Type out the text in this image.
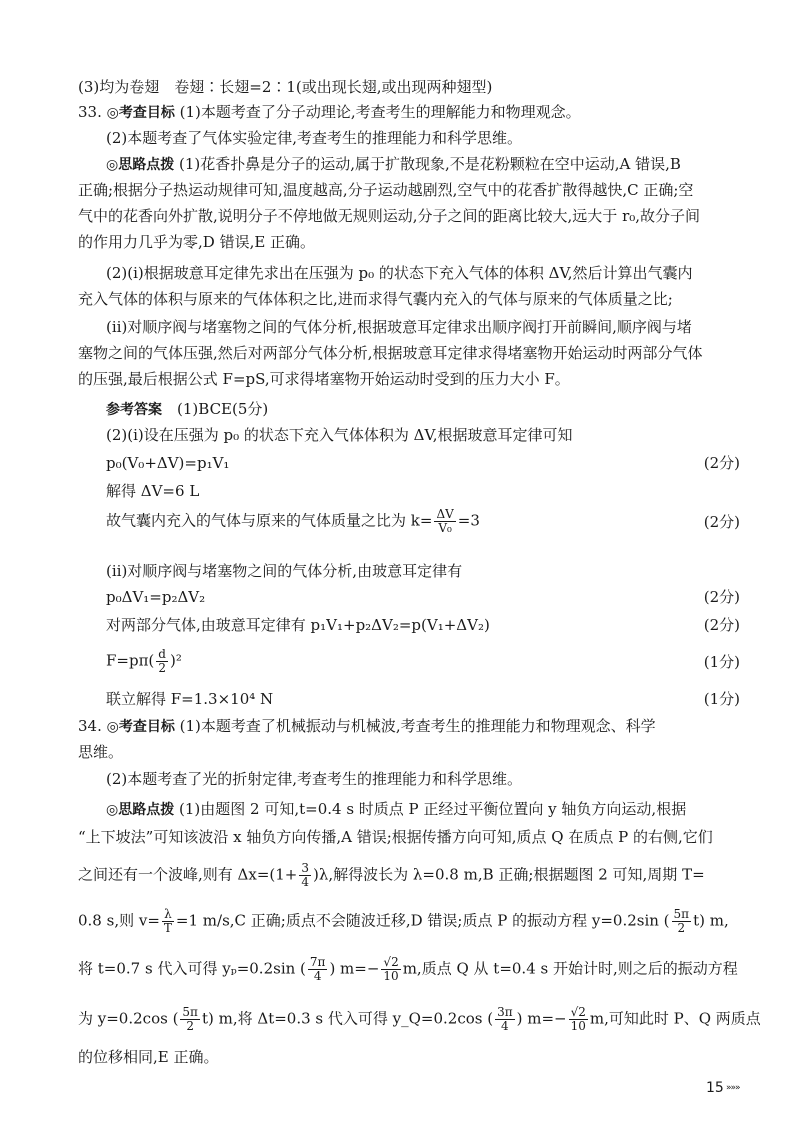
(3)均为卷翅　卷翅∶长翅=2∶1(或出现长翅,或出现两种翅型)
33. ◎考查目标 (1)本题考查了分子动理论,考查考生的理解能力和物理观念。
(2)本题考查了气体实验定律,考查考生的推理能力和科学思维。
◎思路点拨 (1)花香扑鼻是分子的运动,属于扩散现象,不是花粉颗粒在空中运动,A 错误,B
正确;根据分子热运动规律可知,温度越高,分子运动越剧烈,空气中的花香扩散得越快,C 正确;空
气中的花香向外扩散,说明分子不停地做无规则运动,分子之间的距离比较大,远大于 r₀,故分子间
的作用力几乎为零,D 错误,E 正确。
(2)(ⅰ)根据玻意耳定律先求出在压强为 p₀ 的状态下充入气体的体积 ΔV,然后计算出气囊内
充入气体的体积与原来的气体体积之比,进而求得气囊内充入的气体与原来的气体质量之比;
(ⅱ)对顺序阀与堵塞物之间的气体分析,根据玻意耳定律求出顺序阀打开前瞬间,顺序阀与堵
塞物之间的气体压强,然后对两部分气体分析,根据玻意耳定律求得堵塞物开始运动时两部分气体
的压强,最后根据公式 F=pS,可求得堵塞物开始运动时受到的压力大小 F。
参考答案　 (1)BCE(5分)
(2)(ⅰ)设在压强为 p₀ 的状态下充入气体体积为 ΔV,根据玻意耳定律可知
p₀(V₀+ΔV)=p₁V₁	(2分)
解得 ΔV=6 L
故气囊内充入的气体与原来的气体质量之比为 $k= \frac{\Delta V}{\text{V₀}} =3$	(2分)
(ⅱ)对顺序阀与堵塞物之间的气体分析,由玻意耳定律有
p₀ΔV₁=p₂ΔV₂	(2分)
对两部分气体,由玻意耳定律有 p₁V₁+p₂ΔV₂=p(V₁+ΔV₂)	(2分)
$F=p\pi( \frac{d}{2} )^2$	(1分)
联立解得 F=1.3×10⁴ N	(1分)
34. ◎考查目标 (1)本题考查了机械振动与机械波,考查考生的推理能力和物理观念、科学
思维。
(2)本题考查了光的折射定律,考查考生的推理能力和科学思维。
◎思路点拨 (1)由题图 2 可知,t=0.4 s 时质点 P 正经过平衡位置向 y 轴负方向运动,根据
“上下坡法”可知该波沿 x 轴负方向传播,A 错误;根据传播方向可知,质点 Q 在质点 P 的右侧,它们
之间还有一个波峰,则有 $\Delta x=(1+ \frac{3}{4} )\lambda$,解得波长为 λ=0.8 m,B 正确;根据题图 2 可知,周期 T=
0.8 s,则 $v= \frac{\lambda}{T} =1$ m/s,C 正确;质点不会随波迁移,D 错误;质点 P 的振动方程 y=0.2sin ( $\frac{5\pi}{2} t$) m,
将 t=0.7 s 代入可得 yₚ=0.2sin ( $\frac{7\pi}{4}$ ) $m=- \frac{√2}{10} m$,质点 Q 从 t=0.4 s 开始计时,则之后的振动方程
为 y=0.2cos ( $\frac{5\pi}{2} t$) m,将 Δt=0.3 s 代入可得 y_Q=0.2cos ( $\frac{3\pi}{4}$ ) $m=- \frac{√2}{10} m$,可知此时 P、Q 两质点
的位移相同,E 正确。
15 »»»
